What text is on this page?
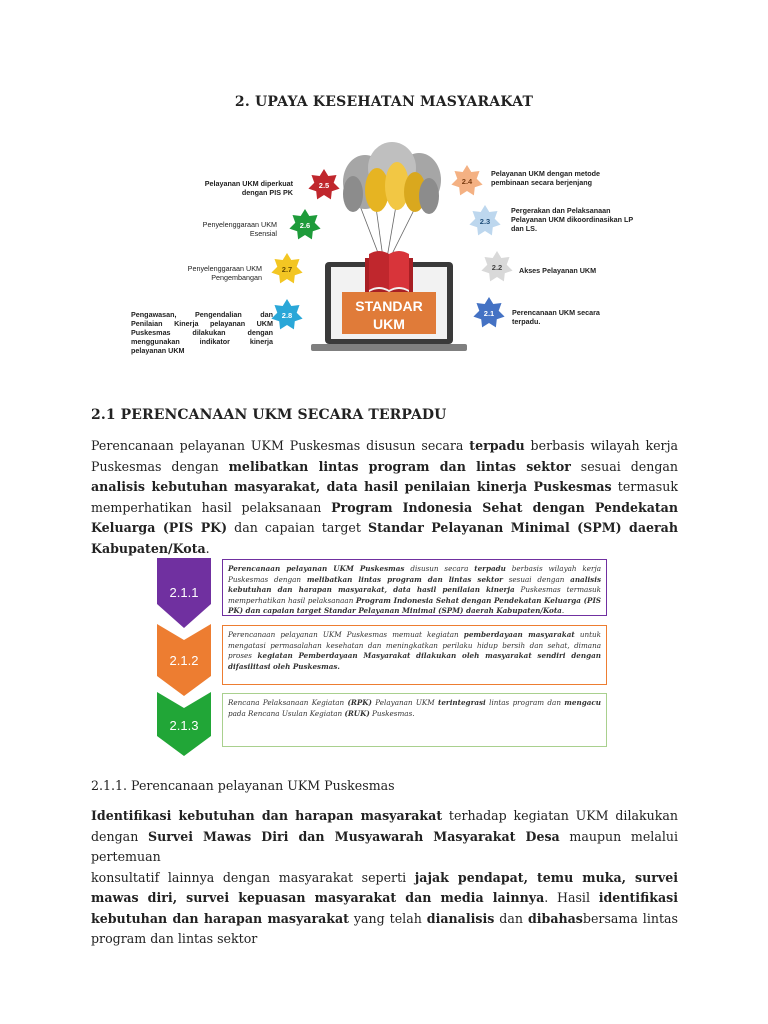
2. UPAYA KESEHATAN MASYARAKAT
STANDAR
UKM
2.5
2.6
2.7
2.8
2.4
2.3
2.2
2.1
Pelayanan UKM diperkuat dengan PIS PK
Penyelenggaraan UKM Esensial
Penyelenggaraan UKM Pengembangan
Pengawasan, Pengendalian dan Penilaian Kinerja pelayanan UKM Puskesmas dilakukan dengan menggunakan indikator kinerja pelayanan UKM
Pelayanan UKM dengan metode pembinaan secara berjenjang
Pergerakan dan Pelaksanaan Pelayanan UKM dikoordinasikan LP dan LS.
Akses Pelayanan UKM
Perencanaan UKM secara terpadu.
2.1 PERENCANAAN UKM SECARA TERPADU
Perencanaan pelayanan UKM Puskesmas disusun secara terpadu berbasis wilayah kerja Puskesmas dengan melibatkan lintas program dan lintas sektor sesuai dengan analisis kebutuhan masyarakat, data hasil penilaian kinerja Puskesmas termasuk memperhatikan hasil pelaksanaan Program Indonesia Sehat dengan Pendekatan Keluarga (PIS PK) dan capaian target Standar Pelayanan Minimal (SPM) daerah Kabupaten/Kota.
2.1.1
2.1.2
2.1.3
Perencanaan pelayanan UKM Puskesmas disusun secara terpadu berbasis wilayah kerja Puskesmas dengan melibatkan lintas program dan lintas sektor sesuai dengan analisis kebutuhan dan harapan masyarakat, data hasil penilaian kinerja Puskesmas termasuk memperhatikan hasil pelaksanaan Program Indonesia Sehat dengan Pendekatan Keluarga (PIS PK) dan capaian target Standar Pelayanan Minimal (SPM) daerah Kabupaten/Kota.
Perencanaan pelayanan UKM Puskesmas memuat kegiatan pemberdayaan masyarakat untuk mengatasi permasalahan kesehatan dan meningkatkan perilaku hidup bersih dan sehat, dimana proses kegiatan Pemberdayaan Masyarakat dilakukan oleh masyarakat sendiri dengan difasilitasi oleh Puskesmas.
Rencana Pelaksanaan Kegiatan (RPK) Pelayanan UKM terintegrasi lintas program dan mengacu pada Rencana Usulan Kegiatan (RUK) Puskesmas.
2.1.1. Perencanaan pelayanan UKM Puskesmas
Identifikasi kebutuhan dan harapan masyarakat terhadap kegiatan UKM dilakukan dengan Survei Mawas Diri dan Musyawarah Masyarakat Desa maupun melalui pertemuan
konsultatif lainnya dengan masyarakat seperti jajak pendapat, temu muka, survei mawas diri, survei kepuasan masyarakat dan media lainnya. Hasil identifikasi kebutuhan dan harapan masyarakat yang telah dianalisis dan dibahasbersama lintas program dan lintas sektor
